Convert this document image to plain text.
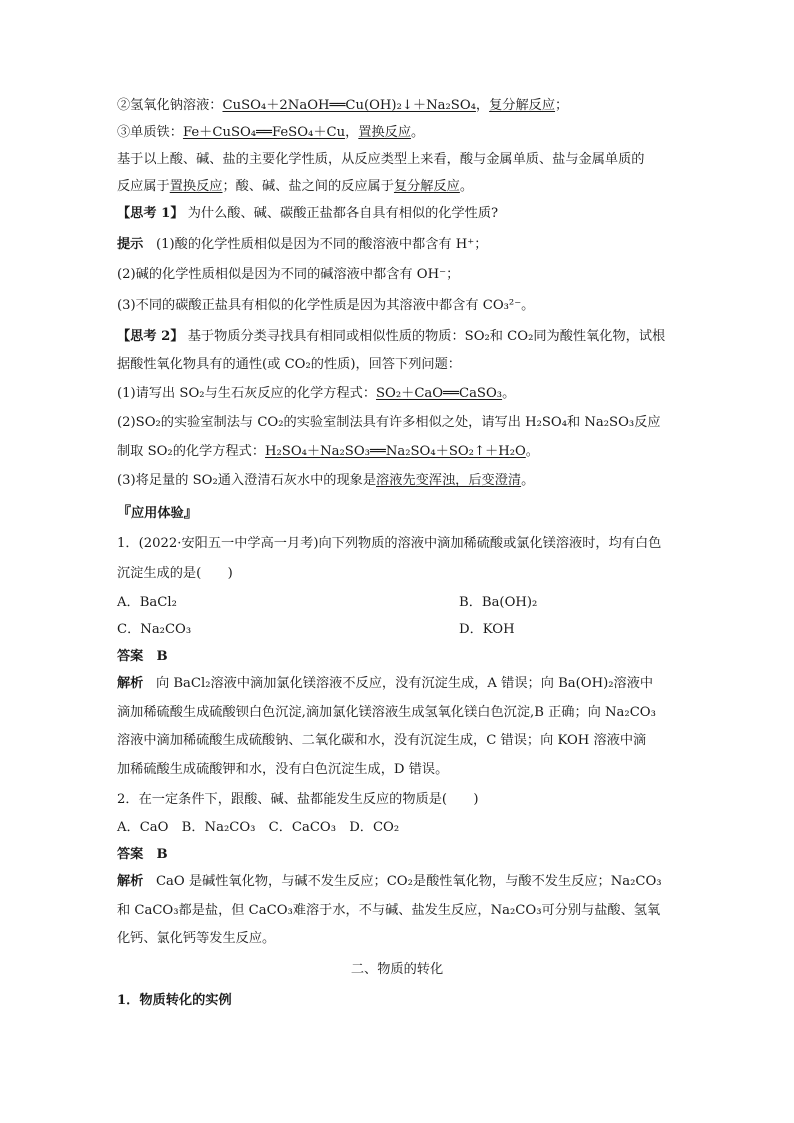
②氢氧化钠溶液：CuSO₄＋2NaOH══Cu(OH)₂↓＋Na₂SO₄，复分解反应；
③单质铁：Fe＋CuSO₄══FeSO₄＋Cu，置换反应。
基于以上酸、碱、盐的主要化学性质，从反应类型上来看，酸与金属单质、盐与金属单质的
反应属于置换反应；酸、碱、盐之间的反应属于复分解反应。
【思考 1】 为什么酸、碱、碳酸正盐都各自具有相似的化学性质?
提示 (1)酸的化学性质相似是因为不同的酸溶液中都含有 H⁺；
(2)碱的化学性质相似是因为不同的碱溶液中都含有 OH⁻；
(3)不同的碳酸正盐具有相似的化学性质是因为其溶液中都含有 CO₃²⁻。
【思考 2】 基于物质分类寻找具有相同或相似性质的物质：SO₂和 CO₂同为酸性氧化物，试根
据酸性氧化物具有的通性(或 CO₂的性质)，回答下列问题：
(1)请写出 SO₂与生石灰反应的化学方程式：SO₂＋CaO══CaSO₃。
(2)SO₂的实验室制法与 CO₂的实验室制法具有许多相似之处，请写出 H₂SO₄和 Na₂SO₃反应
制取 SO₂的化学方程式：H₂SO₄＋Na₂SO₃══Na₂SO₄＋SO₂↑＋H₂O。
(3)将足量的 SO₂通入澄清石灰水中的现象是溶液先变浑浊，后变澄清。
『应用体验』
1．(2022·安阳五一中学高一月考)向下列物质的溶液中滴加稀硫酸或氯化镁溶液时，均有白色
沉淀生成的是(　　)
A．BaCl₂	B．Ba(OH)₂
C．Na₂CO₃	D．KOH
答案　B
解析 向 BaCl₂溶液中滴加氯化镁溶液不反应，没有沉淀生成，A 错误；向 Ba(OH)₂溶液中
滴加稀硫酸生成硫酸钡白色沉淀,滴加氯化镁溶液生成氢氧化镁白色沉淀,B 正确；向 Na₂CO₃
溶液中滴加稀硫酸生成硫酸钠、二氧化碳和水，没有沉淀生成，C 错误；向 KOH 溶液中滴
加稀硫酸生成硫酸钾和水，没有白色沉淀生成，D 错误。
2．在一定条件下，跟酸、碱、盐都能发生反应的物质是(　　)
A．CaO　B．Na₂CO₃　C．CaCO₃　D．CO₂
答案　B
解析 CaO 是碱性氧化物，与碱不发生反应；CO₂是酸性氧化物，与酸不发生反应；Na₂CO₃
和 CaCO₃都是盐，但 CaCO₃难溶于水，不与碱、盐发生反应，Na₂CO₃可分别与盐酸、氢氧
化钙、氯化钙等发生反应。
二、物质的转化
1．物质转化的实例
